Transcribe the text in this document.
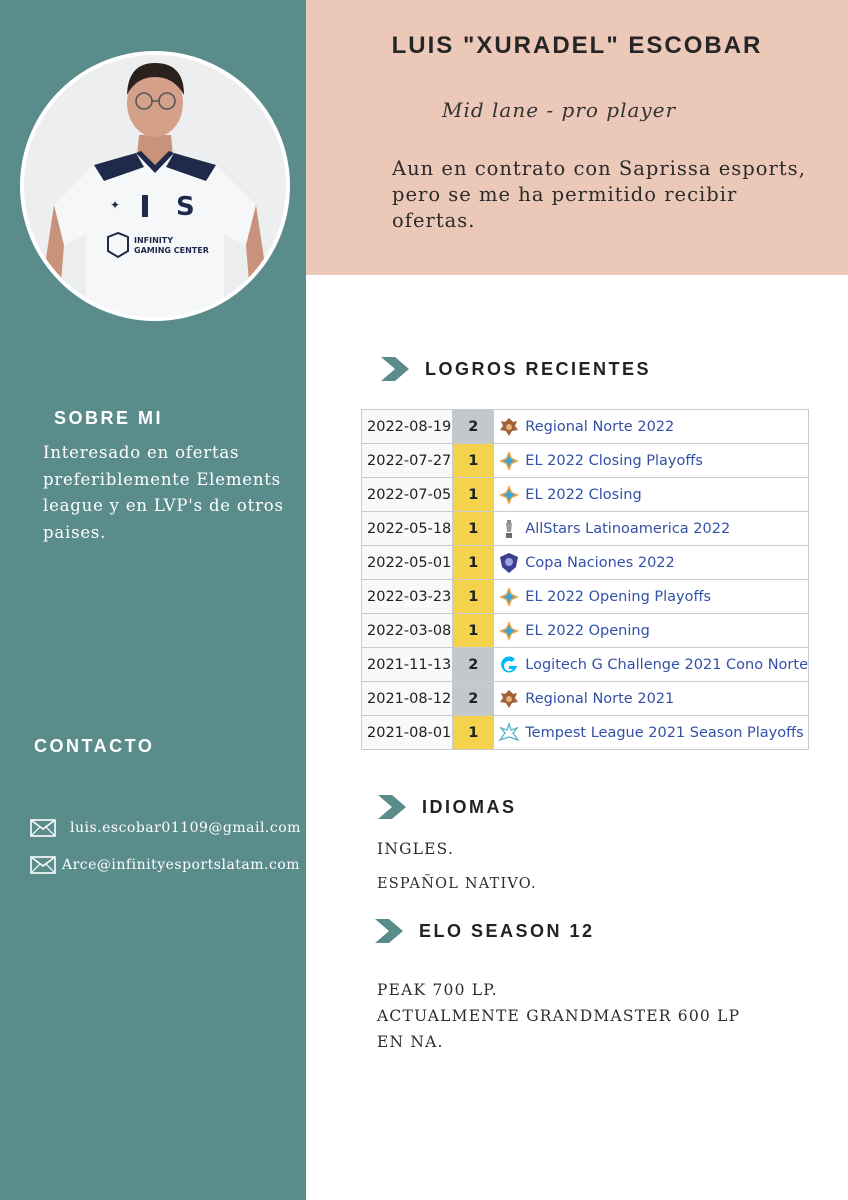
✦ S
INFINITY
GAMING CENTER
LUIS "XURADEL" ESCOBAR
Mid lane - pro player
Aun en contrato con Saprissa esports, pero se me ha permitido recibir ofertas.
SOBRE MI
Interesado en ofertas preferiblemente Elements league y en LVP's de otros paises.
CONTACTO
luis.escobar01109@gmail.com
Arce@infinityesportslatam.com
LOGROS RECIENTES
2022-08-19	2	Regional Norte 2022
2022-07-27	1	EL 2022 Closing Playoffs
2022-07-05	1	EL 2022 Closing
2022-05-18	1	AllStars Latinoamerica 2022
2022-05-01	1	Copa Naciones 2022
2022-03-23	1	EL 2022 Opening Playoffs
2022-03-08	1	EL 2022 Opening
2021-11-13	2	Logitech G Challenge 2021 Cono Norte
2021-08-12	2	Regional Norte 2021
2021-08-01	1	Tempest League 2021 Season Playoffs
IDIOMAS
INGLES.
ESPAÑOL NATIVO.
ELO SEASON 12
PEAK 700 LP.
ACTUALMENTE GRANDMASTER 600 LP
EN NA.
